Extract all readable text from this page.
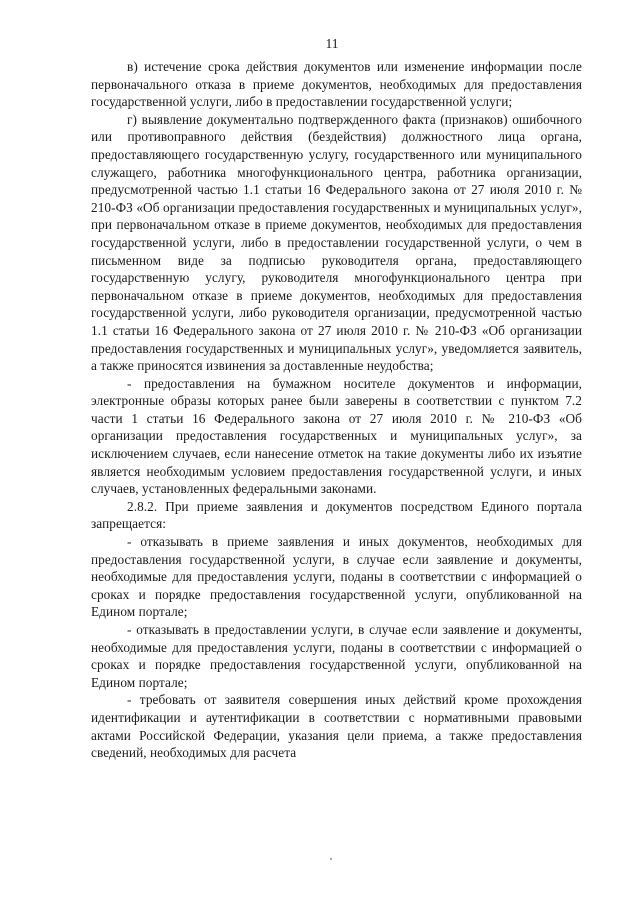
11

в) истечение срока действия документов или изменение информации после первоначального отказа в приеме документов, необходимых для предоставления государственной услуги, либо в предоставлении государственной услуги;

г) выявление документально подтвержденного факта (признаков) ошибочного или противоправного действия (бездействия) должностного лица органа, предоставляющего государственную услугу, государственного или муниципального служащего, работника многофункционального центра, работника организации, предусмотренной частью 1.1 статьи 16 Федерального закона от 27 июля 2010 г. № 210-ФЗ «Об организации предоставления государственных и муниципальных услуг», при первоначальном отказе в приеме документов, необходимых для предоставления государственной услуги, либо в предоставлении государственной услуги, о чем в письменном виде за подписью руководителя органа, предоставляющего государственную услугу, руководителя многофункционального центра при первоначальном отказе в приеме документов, необходимых для предоставления государственной услуги, либо руководителя организации, предусмотренной частью 1.1 статьи 16 Федерального закона от 27 июля 2010 г. № 210-ФЗ «Об организации предоставления государственных и муниципальных услуг», уведомляется заявитель, а также приносятся извинения за доставленные неудобства;

- предоставления на бумажном носителе документов и информации, электронные образы которых ранее были заверены в соответствии с пунктом 7.2 части 1 статьи 16 Федерального закона от 27 июля 2010 г. № 210-ФЗ «Об организации предоставления государственных и муниципальных услуг», за исключением случаев, если нанесение отметок на такие документы либо их изъятие является необходимым условием предоставления государственной услуги, и иных случаев, установленных федеральными законами.

2.8.2. При приеме заявления и документов посредством Единого портала запрещается:

- отказывать в приеме заявления и иных документов, необходимых для предоставления государственной услуги, в случае если заявление и документы, необходимые для предоставления услуги, поданы в соответствии с информацией о сроках и порядке предоставления государственной услуги, опубликованной на Едином портале;

- отказывать в предоставлении услуги, в случае если заявление и документы, необходимые для предоставления услуги, поданы в соответствии с информацией о сроках и порядке предоставления государственной услуги, опубликованной на Едином портале;

- требовать от заявителя совершения иных действий кроме прохождения идентификации и аутентификации в соответствии с нормативными правовыми актами Российской Федерации, указания цели приема, а также предоставления сведений, необходимых для расчета
